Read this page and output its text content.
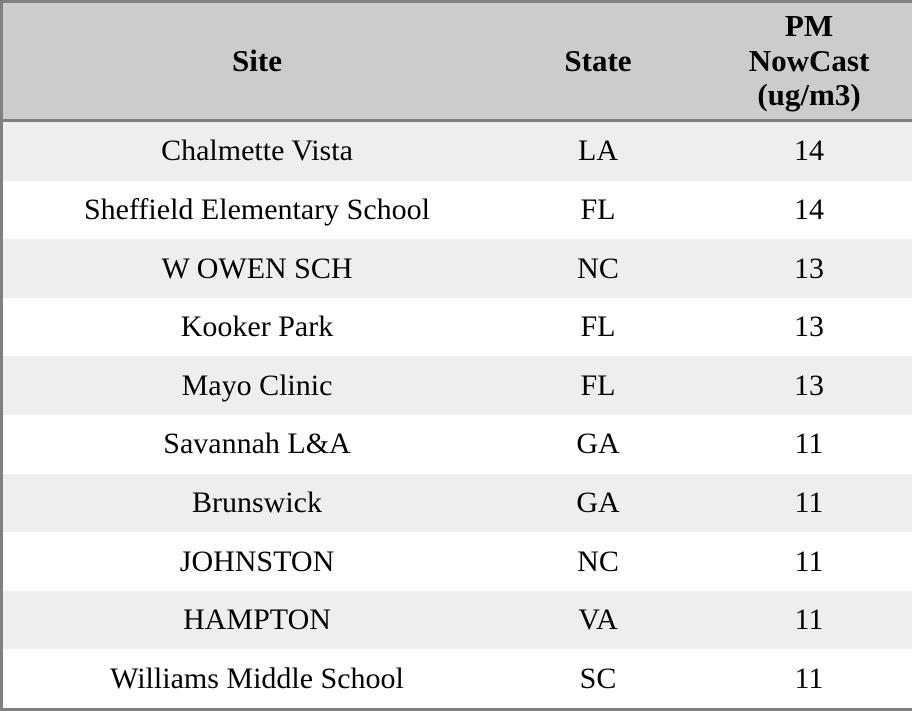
Site	State	PM
NowCast
(ug/m3)

Chalmette Vista	LA	14
Sheffield Elementary School	FL	14
W OWEN SCH	NC	13
Kooker Park	FL	13
Mayo Clinic	FL	13
Savannah L&A	GA	11
Brunswick	GA	11
JOHNSTON	NC	11
HAMPTON	VA	11
Williams Middle School	SC	11
